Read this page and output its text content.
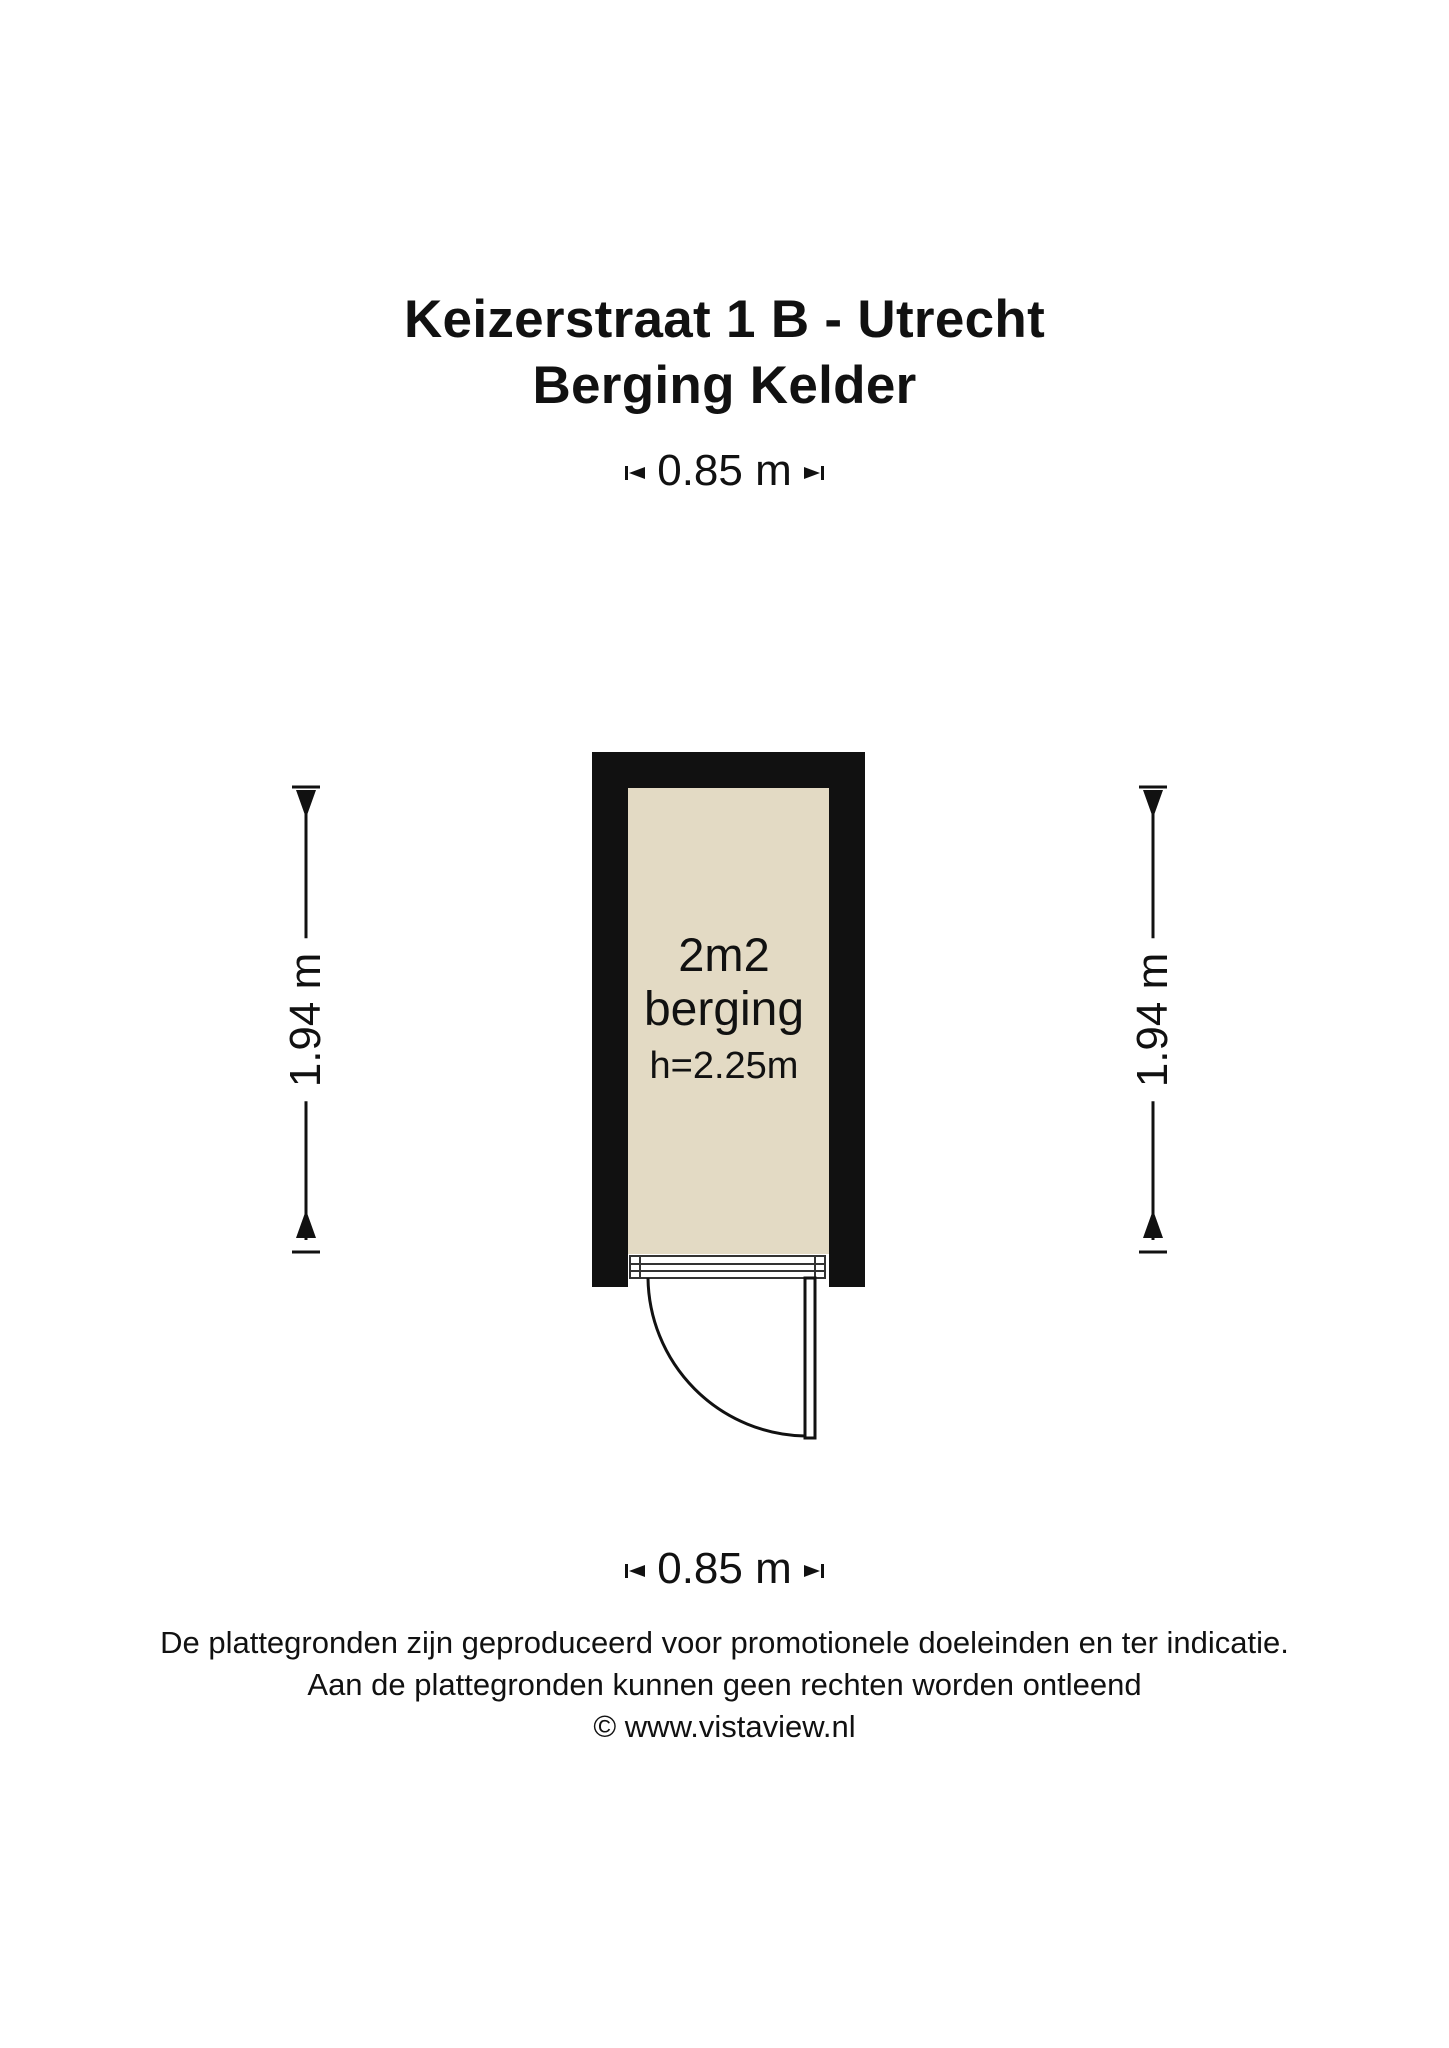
Keizerstraat 1 B - Utrecht
Berging Kelder
0.85 m
1.94 m	1.94 m
2m2
berging
h=2.25m
0.85 m
De plattegronden zijn geproduceerd voor promotionele doeleinden en ter indicatie.
Aan de plattegronden kunnen geen rechten worden ontleend
© www.vistaview.nl
